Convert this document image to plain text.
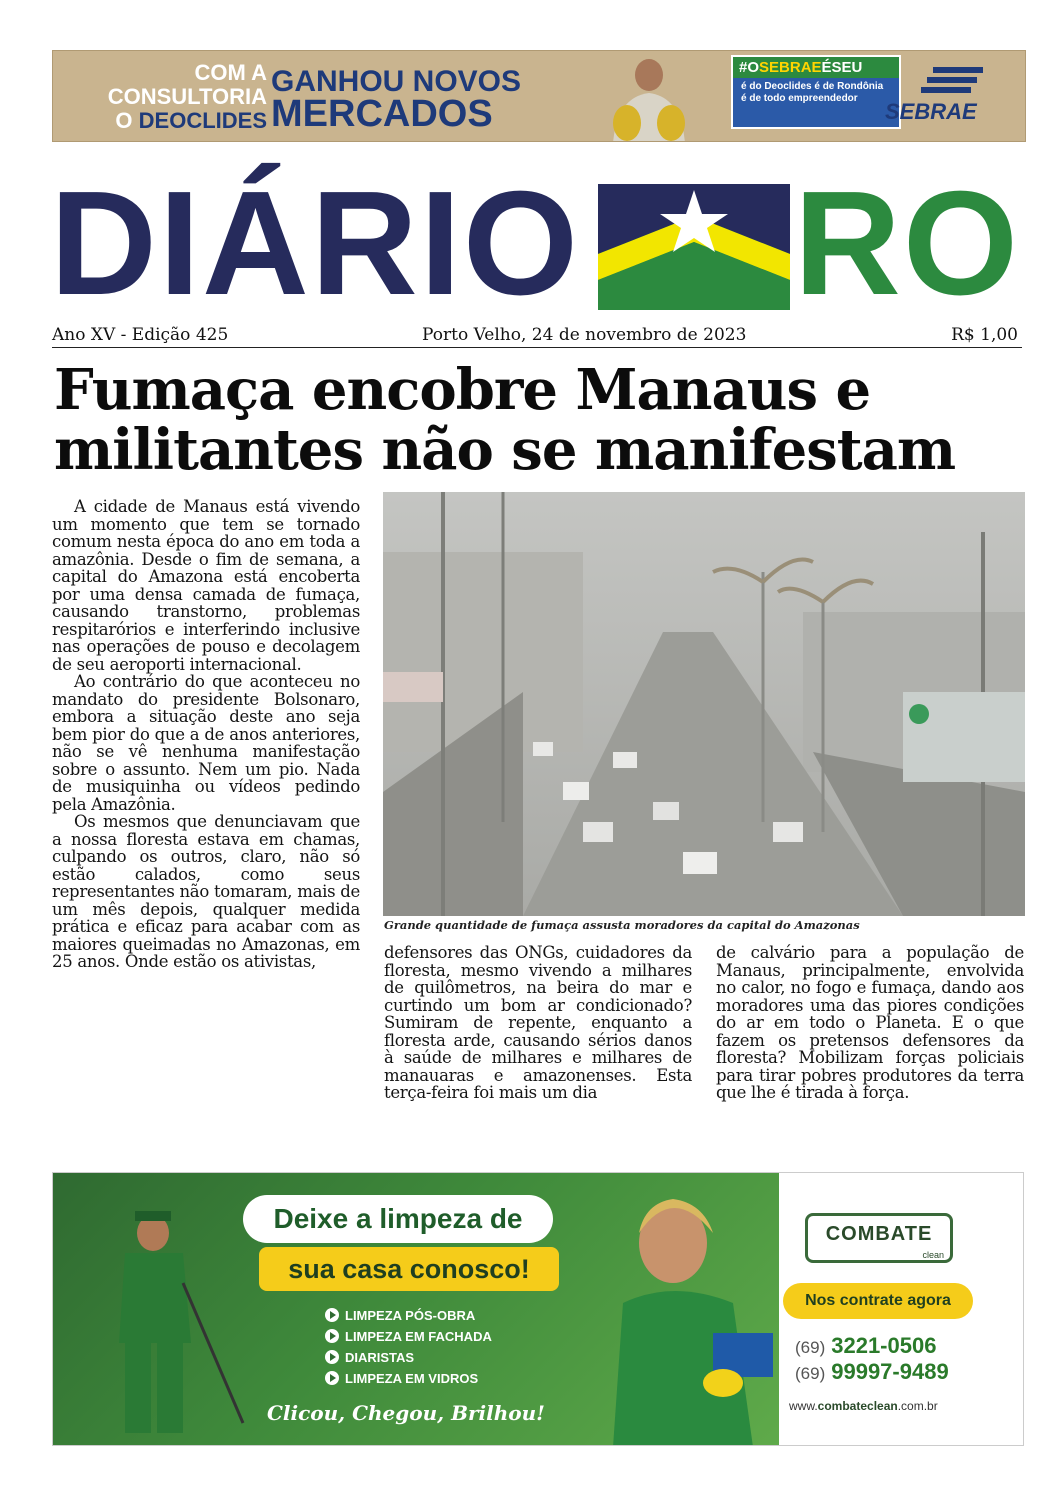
COM A
CONSULTORIA
O DEOCLIDES
GANHOU NOVOS
MERCADOS
#OSEBRAEÉSEU
é do Deoclides é de Rondônia é de todo empreendedor
SEBRAE
DIÁRIO RO
Ano XV - Edição 425	Porto Velho, 24 de novembro de 2023	R$ 1,00
Fumaça encobre Manaus e militantes não se manifestam

A cidade de Manaus está vivendo um momento que tem se tornado comum nesta época do ano em toda a amazônia. Desde o fim de semana, a capital do Amazona está encoberta por uma densa camada de fumaça, causando transtorno, problemas respitarórios e interferindo inclusive nas operações de pouso e decolagem de seu aeroporti internacional.

Ao contrário do que aconteceu no mandato do presidente Bolsonaro, embora a situação deste ano seja bem pior do que a de anos anteriores, não se vê nenhuma manifestação sobre o assunto. Nem um pio. Nada de musiquinha ou vídeos pedindo pela Amazônia.

Os mesmos que denunciavam que a nossa floresta estava em chamas, culpando os outros, claro, não só estão calados, como seus representantes não tomaram, mais de um mês depois, qualquer medida prática e eficaz para acabar com as maiores queimadas no Amazonas, em 25 anos. Onde estão os ativistas,

Grande quantidade de fumaça assusta moradores da capital do Amazonas

defensores das ONGs, cuidadores da floresta, mesmo vivendo a milhares de quilômetros, na beira do mar e curtindo um bom ar condicionado? Sumiram de repente, enquanto a floresta arde, causando sérios danos à saúde de milhares e milhares de manauaras e amazonenses. Esta terça-feira foi mais um dia

de calvário para a população de Manaus, principalmente, envolvida no calor, no fogo e fumaça, dando aos moradores uma das piores condições do ar em todo o Planeta. E o que fazem os pretensos defensores da floresta? Mobilizam forças policiais para tirar pobres produtores da terra que lhe é tirada à força.

Deixe a limpeza de
sua casa conosco!
LIMPEZA PÓS-OBRA
LIMPEZA EM FACHADA
DIARISTAS
LIMPEZA EM VIDROS
Clicou, Chegou, Brilhou!
COMBATE
clean
Nos contrate agora
(69) 3221-0506
(69) 99997-9489
www.combateclean.com.br
